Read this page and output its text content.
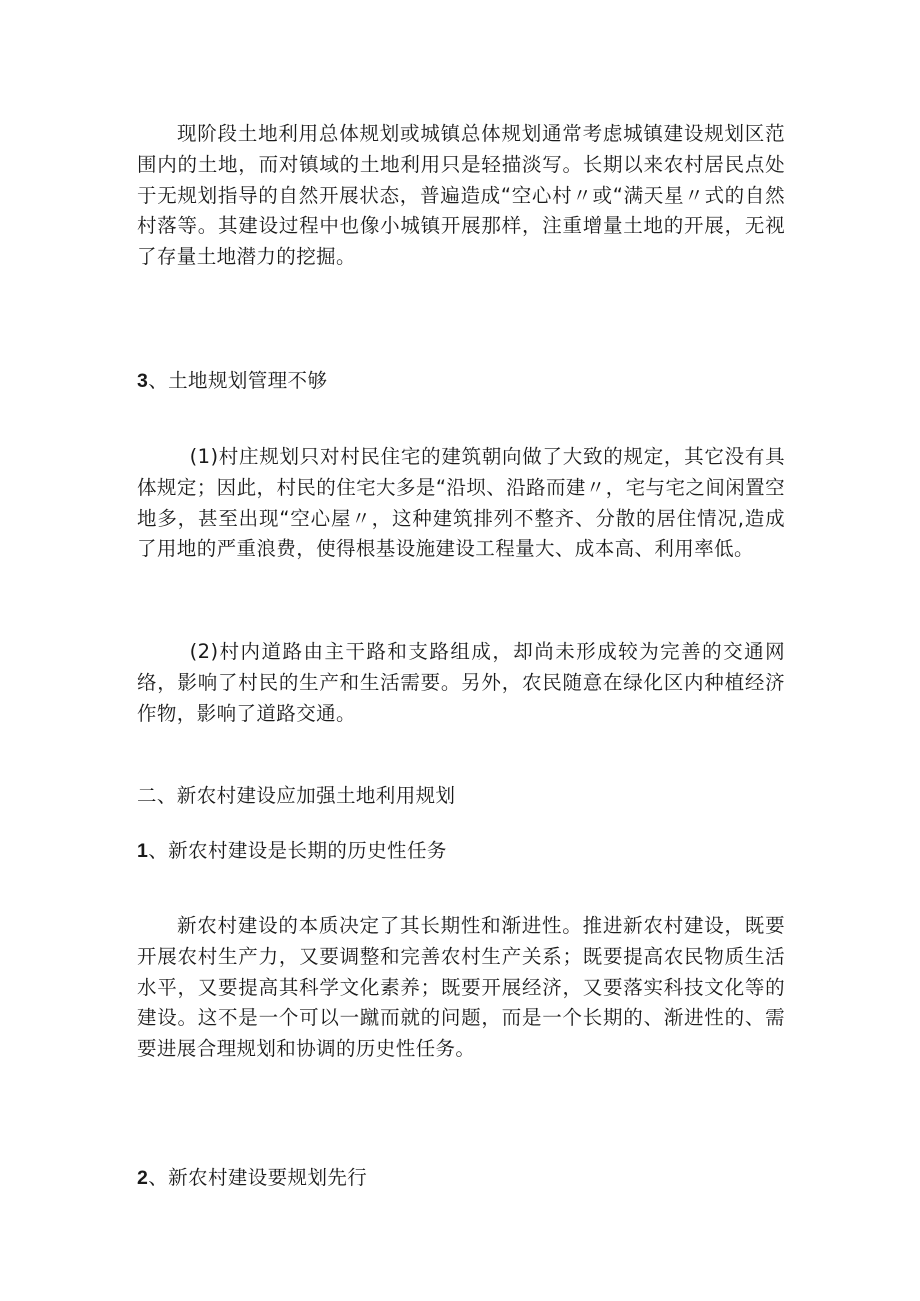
现阶段土地利用总体规划或城镇总体规划通常考虑城镇建设规划区范围内的土地，而对镇域的土地利用只是轻描淡写。长期以来农村居民点处于无规划指导的自然开展状态，普遍造成“空心村〃或“满天星〃式的自然村落等。其建设过程中也像小城镇开展那样，注重增量土地的开展，无视了存量土地潜力的挖掘。

3、土地规划管理不够

(1)村庄规划只对村民住宅的建筑朝向做了大致的规定，其它没有具体规定；因此，村民的住宅大多是“沿坝、沿路而建〃，宅与宅之间闲置空地多，甚至出现“空心屋〃，这种建筑排列不整齐、分散的居住情况,造成了用地的严重浪费，使得根基设施建设工程量大、成本高、利用率低。

(2)村内道路由主干路和支路组成，却尚未形成较为完善的交通网络，影响了村民的生产和生活需要。另外，农民随意在绿化区内种植经济作物，影响了道路交通。

二、新农村建设应加强土地利用规划

1、新农村建设是长期的历史性任务

新农村建设的本质决定了其长期性和渐进性。推进新农村建设，既要开展农村生产力，又要调整和完善农村生产关系；既要提高农民物质生活水平，又要提高其科学文化素养；既要开展经济，又要落实科技文化等的建设。这不是一个可以一蹴而就的问题，而是一个长期的、渐进性的、需要进展合理规划和协调的历史性任务。

2、新农村建设要规划先行
